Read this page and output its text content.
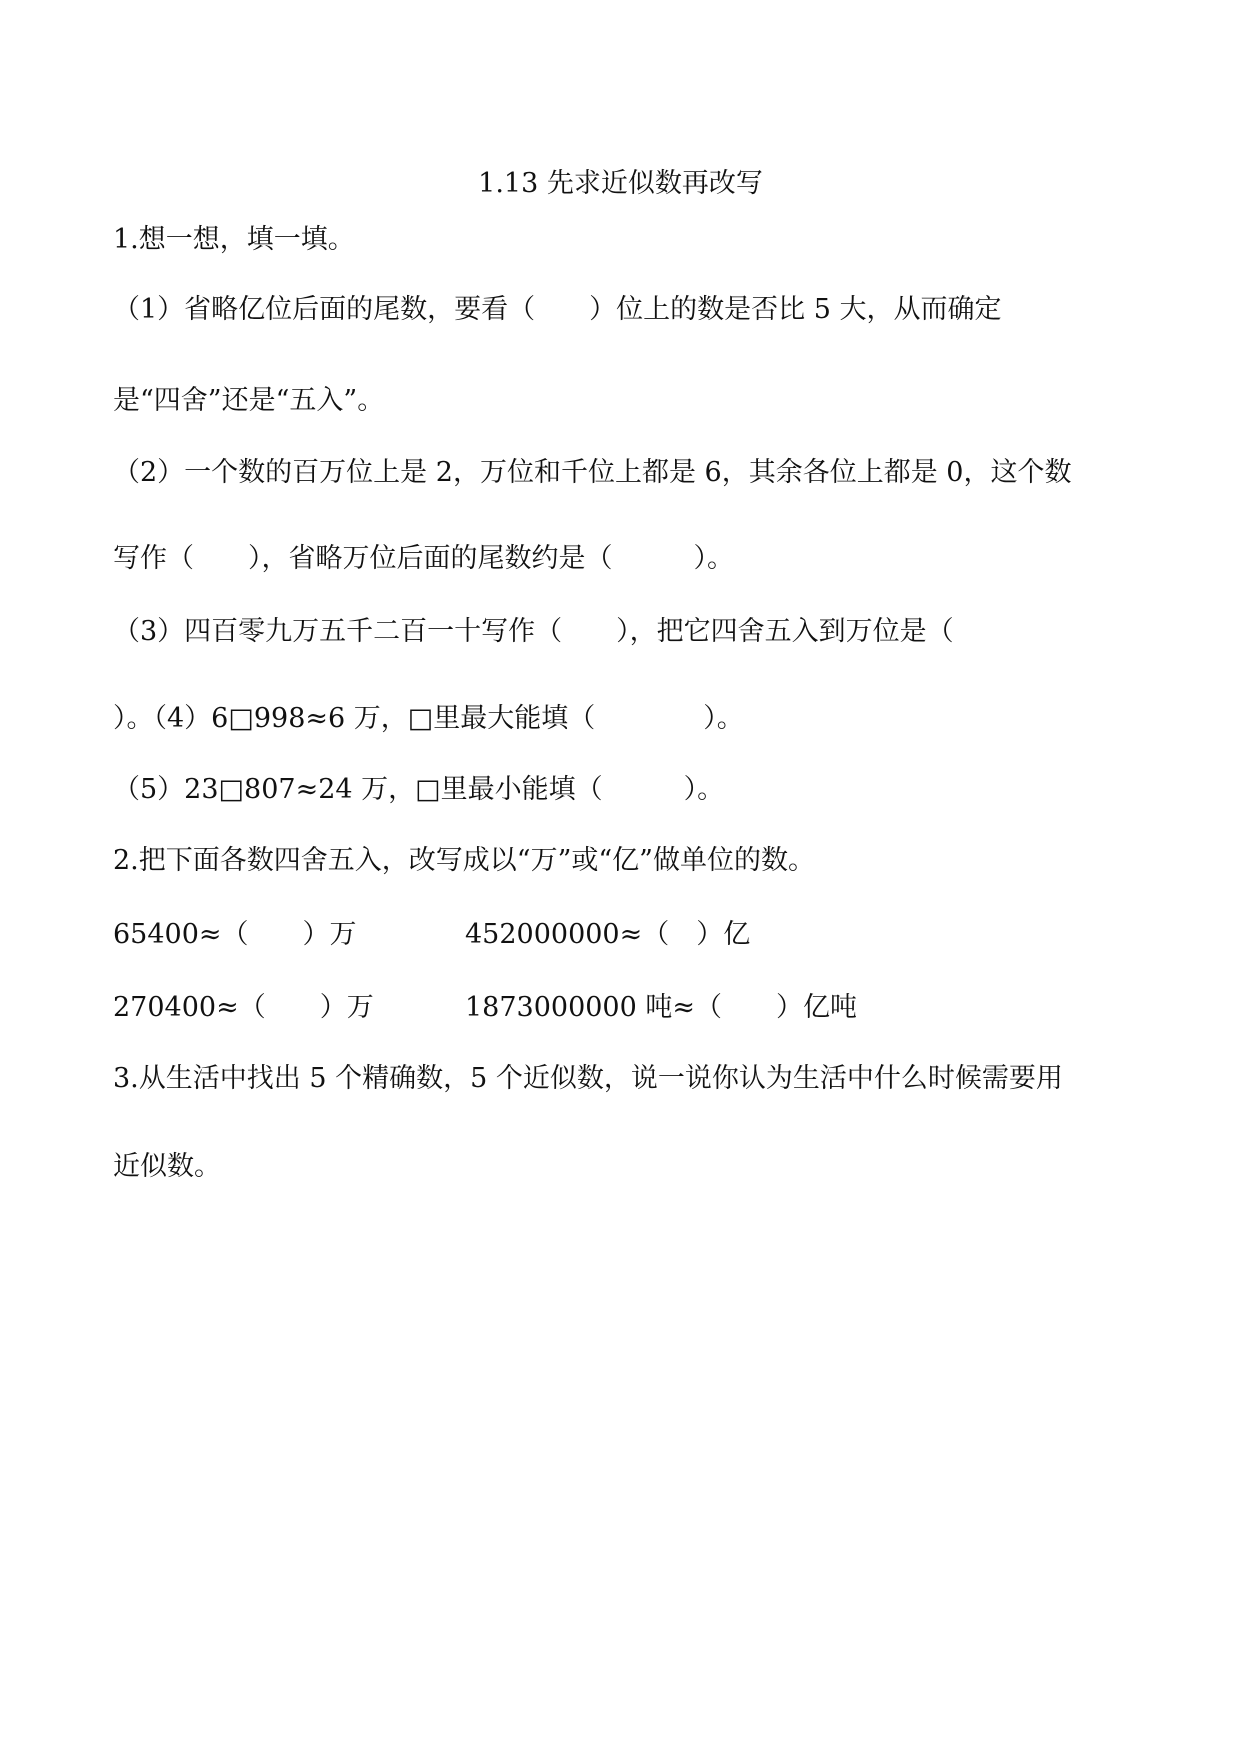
1.13 先求近似数再改写
1.想一想，填一填。
（1）省略亿位后面的尾数，要看（　　）位上的数是否比 5 大，从而确定
是“四舍”还是“五入”。
（2）一个数的百万位上是 2，万位和千位上都是 6，其余各位上都是 0，这个数
写作（　　），省略万位后面的尾数约是（　　　）。
（3）四百零九万五千二百一十写作（　　），把它四舍五入到万位是（
）。（4）6□998≈6 万，□里最大能填（　　　　）。
（5）23□807≈24 万，□里最小能填（　　　）。
2.把下面各数四舍五入，改写成以“万”或“亿”做单位的数。
65400≈（　　）万	452000000≈（　）亿
270400≈（　　）万	1873000000 吨≈（　　）亿吨
3.从生活中找出 5 个精确数，5 个近似数，说一说你认为生活中什么时候需要用
近似数。
